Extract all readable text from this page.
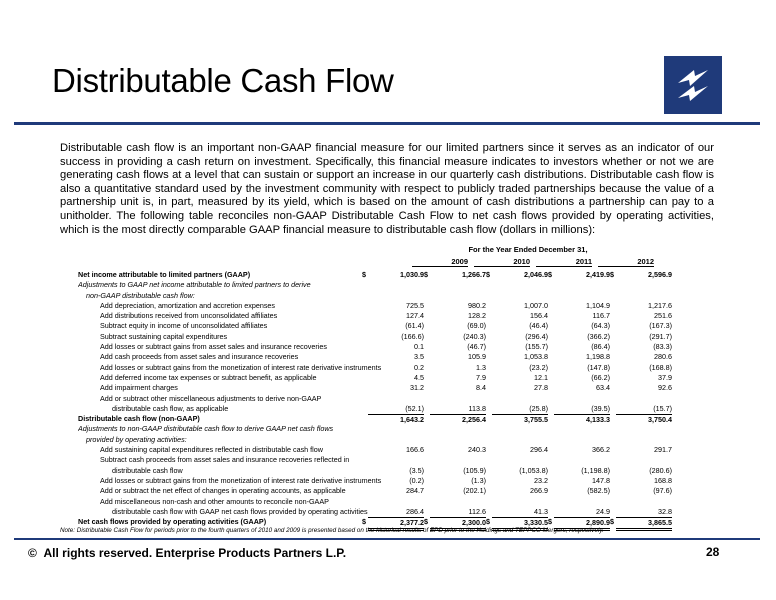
Distributable Cash Flow
Distributable cash flow is an important non-GAAP financial measure for our limited partners since it serves as an indicator of our success in providing a cash return on investment. Specifically, this financial measure indicates to investors whether or not we are generating cash flows at a level that can sustain or support an increase in our quarterly cash distributions. Distributable cash flow is also a quantitative standard used by the investment community with respect to publicly traded partnerships because the value of a partnership unit is, in part, measured by its yield, which is based on the amount of cash distributions a partnership can pay to a unitholder. The following table reconciles non-GAAP Distributable Cash Flow to net cash flows provided by operating activities, which is the most directly comparable GAAP financial measure to distributable cash flow (dollars in millions):
For the Year Ended December 31,
2009	2010	2011	2012
Net income attributable to limited partners (GAAP)	$	1,030.9 $	1,266.7 $	2,046.9 $	2,419.9 $	2,596.9
Adjustments to GAAP net income attributable to limited partners to derive
non-GAAP distributable cash flow:
Add depreciation, amortization and accretion expenses	725.5	980.2	1,007.0	1,104.9	1,217.6
Add distributions received from unconsolidated affiliates	127.4	128.2	156.4	116.7	251.6
Subtract equity in income of unconsolidated affiliates	(61.4)	(69.0)	(46.4)	(64.3)	(167.3)
Subtract sustaining capital expenditures	(166.6)	(240.3)	(296.4)	(366.2)	(291.7)
Add losses or subtract gains from asset sales and insurance recoveries	0.1	(46.7)	(155.7)	(86.4)	(83.3)
Add cash proceeds from asset sales and insurance recoveries	3.5	105.9	1,053.8	1,198.8	280.6
Add losses or subtract gains from the monetization of interest rate derivative instruments	0.2	1.3	(23.2)	(147.8)	(168.8)
Add deferred income tax expenses or subtract benefit, as applicable	4.5	7.9	12.1	(66.2)	37.9
Add impairment charges	31.2	8.4	27.8	63.4	92.6
Add or subtract other miscellaneous adjustments to derive non-GAAP
distributable cash flow, as applicable	(52.1)	113.8	(25.8)	(39.5)	(15.7)
Distributable cash flow (non-GAAP)	1,643.2	2,256.4	3,755.5	4,133.3	3,750.4
Adjustments to non-GAAP distributable cash flow to derive GAAP net cash flows
provided by operating activities:
Add sustaining capital expenditures reflected in distributable cash flow	166.6	240.3	296.4	366.2	291.7
Subtract cash proceeds from asset sales and insurance recoveries reflected in
distributable cash flow	(3.5)	(105.9)	(1,053.8)	(1,198.8)	(280.6)
Add losses or subtract gains from the monetization of interest rate derivative instruments	(0.2)	(1.3)	23.2	147.8	168.8
Add or subtract the net effect of changes in operating accounts, as applicable	284.7	(202.1)	266.9	(582.5)	(97.6)
Add miscellaneous non-cash and other amounts to reconcile non-GAAP
distributable cash flow with GAAP net cash flows provided by operating activities	286.4	112.6	41.3	24.9	32.8
Net cash flows provided by operating activities (GAAP)	$	2,377.2 $	2,300.0 $	3,330.5 $	2,890.9 $	3,865.5
Note: Distributable Cash Flow for periods prior to the fourth quarters of 2010 and 2009 is presented based on the historical results of EPD prior to the Holdings and TEPPCO Mergers, respectively.
© All rights reserved. Enterprise Products Partners L.P.	28
